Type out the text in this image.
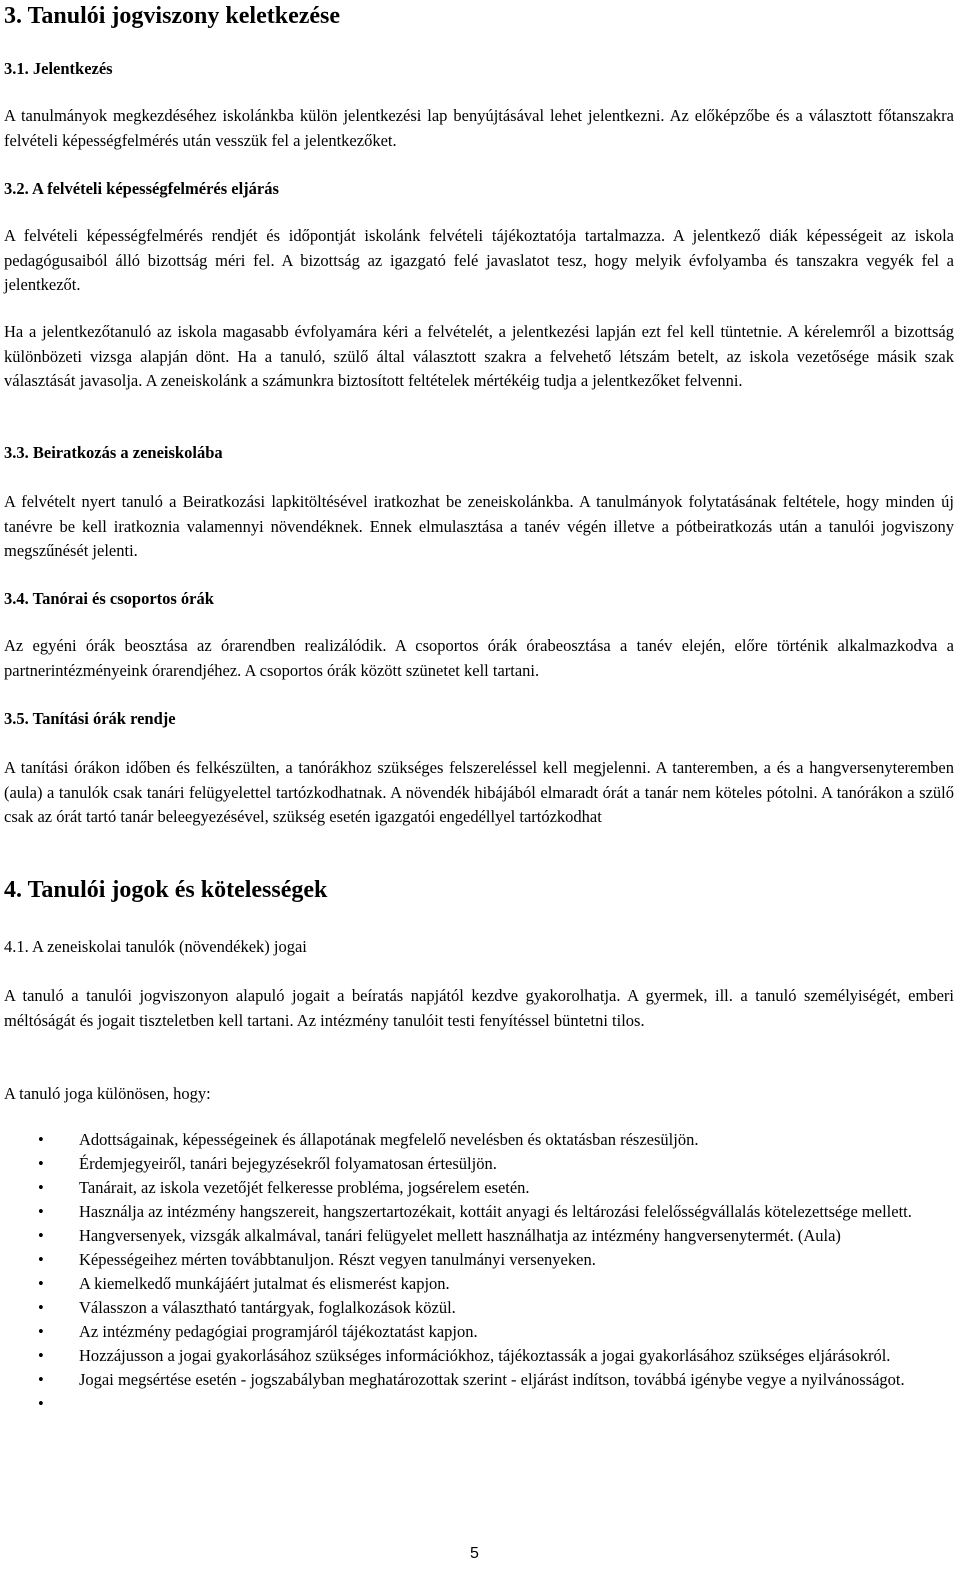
3. Tanulói jogviszony keletkezése
3.1. Jelentkezés

A tanulmányok megkezdéséhez iskolánkba külön jelentkezési lap benyújtásával lehet jelentkezni. Az előképzőbe és a választott főtanszakra felvételi képességfelmérés után vesszük fel a jelentkezőket.

3.2. A felvételi képességfelmérés eljárás

A felvételi képességfelmérés rendjét és időpontját iskolánk felvételi tájékoztatója tartalmazza. A jelentkező diák képességeit az iskola pedagógusaiból álló bizottság méri fel. A bizottság az igazgató felé javaslatot tesz, hogy melyik évfolyamba és tanszakra vegyék fel a jelentkezőt.

Ha a jelentkezőtanuló az iskola magasabb évfolyamára kéri a felvételét, a jelentkezési lapján ezt fel kell tüntetnie. A kérelemről a bizottság különbözeti vizsga alapján dönt. Ha a tanuló, szülő által választott szakra a felvehető létszám betelt, az iskola vezetősége másik szak választását javasolja. A zeneiskolánk a számunkra biztosított feltételek mértékéig tudja a jelentkezőket felvenni.

3.3. Beiratkozás a zeneiskolába

A felvételt nyert tanuló a Beiratkozási lapkitöltésével iratkozhat be zeneiskolánkba. A tanulmányok folytatásának feltétele, hogy minden új tanévre be kell iratkoznia valamennyi növendéknek. Ennek elmulasztása a tanév végén illetve a pótbeiratkozás után a tanulói jogviszony megszűnését jelenti.

3.4. Tanórai és csoportos órák

Az egyéni órák beosztása az órarendben realizálódik. A csoportos órák órabeosztása a tanév elején, előre történik alkalmazkodva a partnerintézményeink órarendjéhez. A csoportos órák között szünetet kell tartani.

3.5. Tanítási órák rendje

A tanítási órákon időben és felkészülten, a tanórákhoz szükséges felszereléssel kell megjelenni. A tanteremben, a és a hangversenyteremben (aula) a tanulók csak tanári felügyelettel tartózkodhatnak. A növendék hibájából elmaradt órát a tanár nem köteles pótolni. A tanórákon a szülő csak az órát tartó tanár beleegyezésével, szükség esetén igazgatói engedéllyel tartózkodhat

4. Tanulói jogok és kötelességek
4.1. A zeneiskolai tanulók (növendékek) jogai

A tanuló a tanulói jogviszonyon alapuló jogait a beíratás napjától kezdve gyakorolhatja. A gyermek, ill. a tanuló személyiségét, emberi méltóságát és jogait tiszteletben kell tartani. Az intézmény tanulóit testi fenyítéssel büntetni tilos.

A tanuló joga különösen, hogy:

• Adottságainak, képességeinek és állapotának megfelelő nevelésben és oktatásban részesüljön.
• Érdemjegyeiről, tanári bejegyzésekről folyamatosan értesüljön.
• Tanárait, az iskola vezetőjét felkeresse probléma, jogsérelem esetén.
• Használja az intézmény hangszereit, hangszertartozékait, kottáit anyagi és leltározási felelősségvállalás kötelezettsége mellett.
• Hangversenyek, vizsgák alkalmával, tanári felügyelet mellett használhatja az intézmény hangversenytermét. (Aula)
• Képességeihez mérten továbbtanuljon. Részt vegyen tanulmányi versenyeken.
• A kiemelkedő munkájáért jutalmat és elismerést kapjon.
• Válasszon a választható tantárgyak, foglalkozások közül.
• Az intézmény pedagógiai programjáról tájékoztatást kapjon.
• Hozzájusson a jogai gyakorlásához szükséges információkhoz, tájékoztassák a jogai gyakorlásához szükséges eljárásokról.
• Jogai megsértése esetén - jogszabályban meghatározottak szerint - eljárást indítson, továbbá igénybe vegye a nyilvánosságot.
•
5
